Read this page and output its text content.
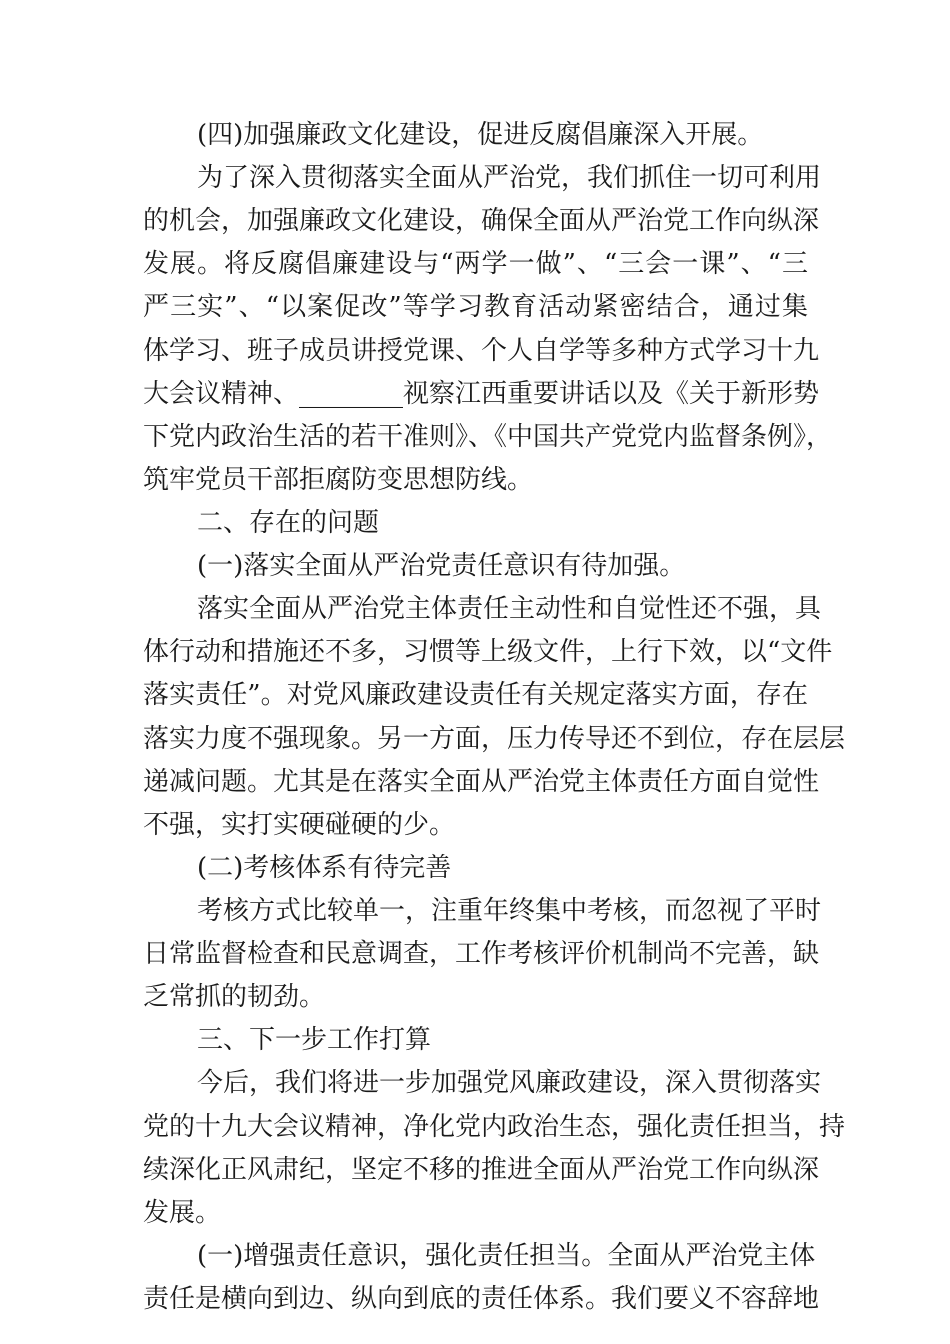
(四)加强廉政文化建设，促进反腐倡廉深入开展。
为了深入贯彻落实全面从严治党，我们抓住一切可利用
的机会，加强廉政文化建设，确保全面从严治党工作向纵深
发展。将反腐倡廉建设与“两学一做”、“三会一课”、“三
严三实”、“以案促改”等学习教育活动紧密结合，通过集
体学习、班子成员讲授党课、个人自学等多种方式学习十九
大会议精神、________视察江西重要讲话以及《关于新形势
下党内政治生活的若干准则》、《中国共产党党内监督条例》，
筑牢党员干部拒腐防变思想防线。
二、存在的问题
(一)落实全面从严治党责任意识有待加强。
落实全面从严治党主体责任主动性和自觉性还不强，具
体行动和措施还不多，习惯等上级文件，上行下效，以“文件
落实责任”。对党风廉政建设责任有关规定落实方面，存在
落实力度不强现象。另一方面，压力传导还不到位，存在层层
递减问题。尤其是在落实全面从严治党主体责任方面自觉性
不强，实打实硬碰硬的少。
(二)考核体系有待完善
考核方式比较单一，注重年终集中考核，而忽视了平时
日常监督检查和民意调查，工作考核评价机制尚不完善，缺
乏常抓的韧劲。
三、下一步工作打算
今后，我们将进一步加强党风廉政建设，深入贯彻落实
党的十九大会议精神，净化党内政治生态，强化责任担当，持
续深化正风肃纪，坚定不移的推进全面从严治党工作向纵深
发展。
(一)增强责任意识，强化责任担当。全面从严治党主体
责任是横向到边、纵向到底的责任体系。我们要义不容辞地
